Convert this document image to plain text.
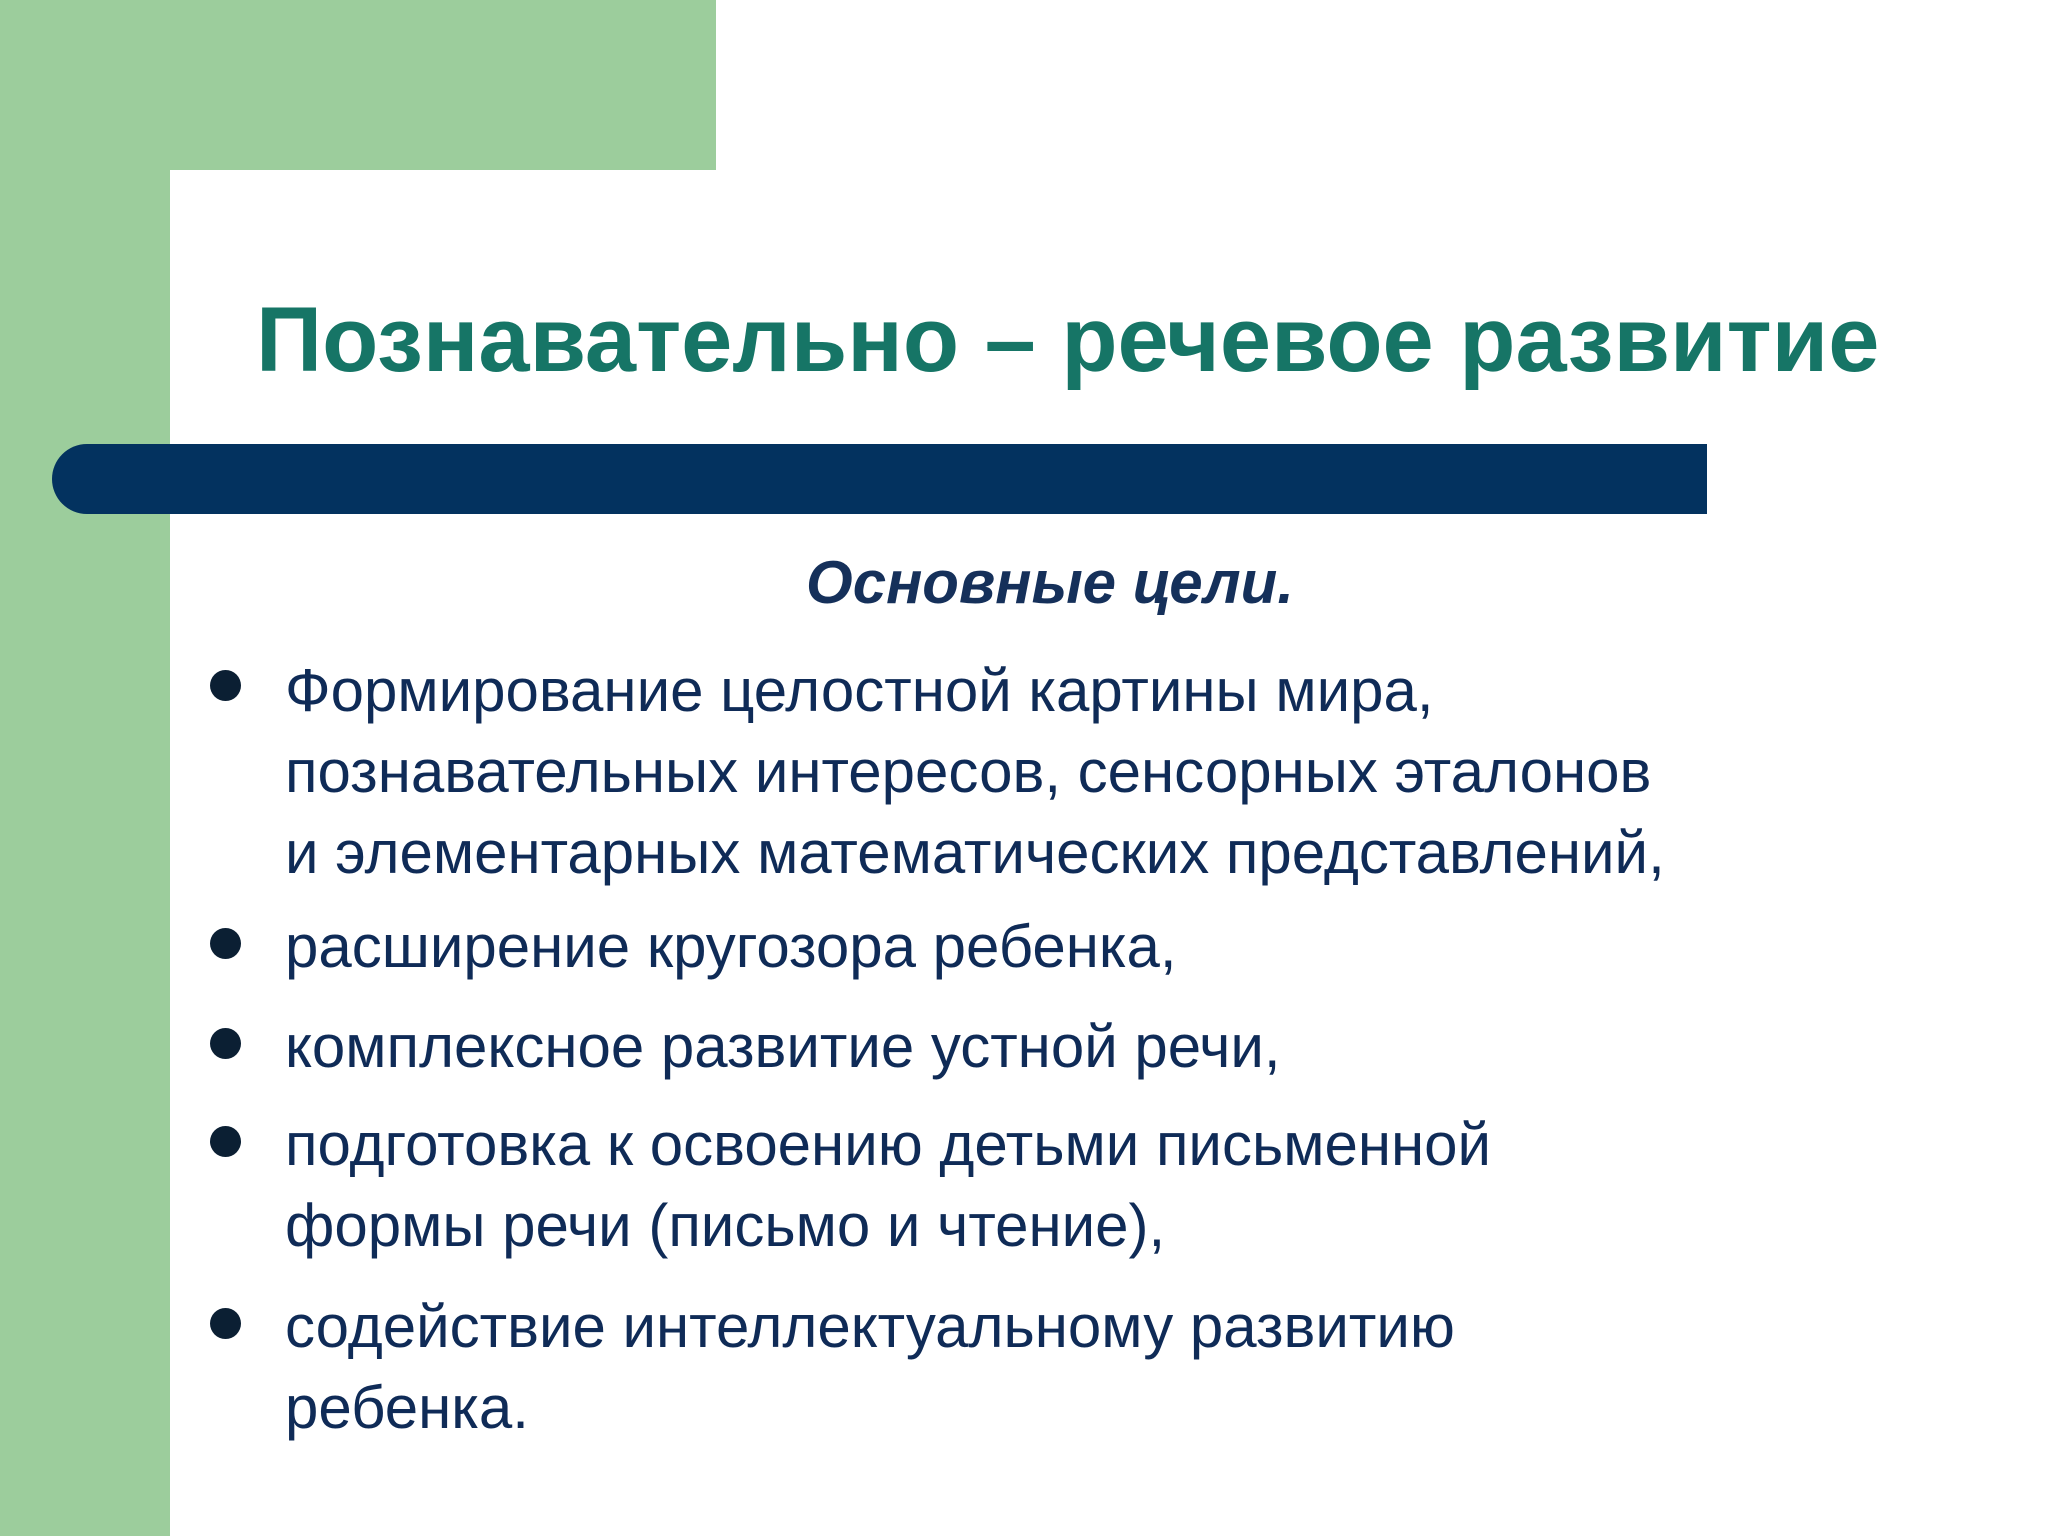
Познавательно – речевое развитие
Основные цели.
Формирование целостной картины мира,
познавательных интересов, сенсорных эталонов
и элементарных математических представлений,
расширение кругозора ребенка,
комплексное развитие устной речи,
подготовка к освоению детьми письменной
формы речи (письмо и чтение),
содействие интеллектуальному развитию
ребенка.
